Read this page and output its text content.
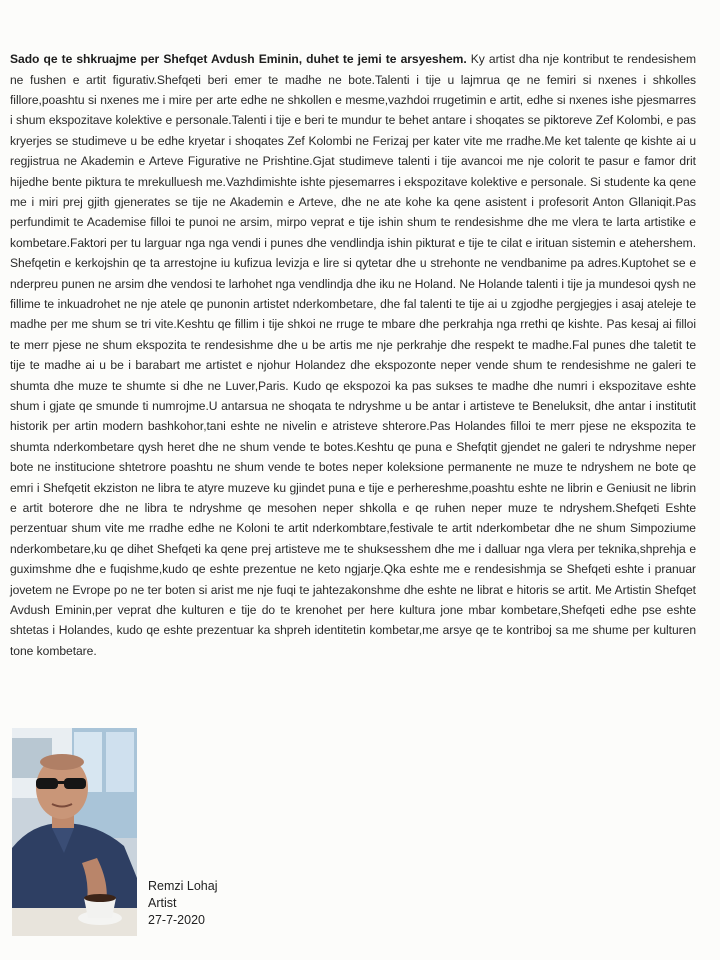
Sado qe te shkruajme per Shefqet Avdush Eminin, duhet te jemi te arsyeshem. Ky artist dha nje kontribut te rendesishem ne fushen e artit figurativ.Shefqeti beri emer te madhe ne bote.Talenti i tije u lajmrua qe ne femiri si nxenes i shkolles fillore,poashtu si nxenes me i mire per arte edhe ne shkollen e mesme,vazhdoi rrugetimin e artit, edhe si nxenes ishe pjesmarres i shum ekspozitave kolektive e personale.Talenti i tije e beri te mundur te behet antare i shoqates se piktoreve Zef Kolombi, e pas kryerjes se studimeve u be edhe kryetar i shoqates Zef Kolombi ne Ferizaj per kater vite me rradhe.Me ket talente qe kishte ai u regjistrua ne Akademin e Arteve Figurative ne Prishtine.Gjat studimeve talenti i tije avancoi me nje colorit te pasur e famor drit hijedhe bente piktura te mrekulluesh me.Vazhdimishte ishte pjesemarres i ekspozitave kolektive e personale. Si studente ka qene me i miri prej gjith gjenerates se tije ne Akademin e Arteve, dhe ne ate kohe ka qene asistent i profesorit Anton Gllaniqit.Pas perfundimit te Academise filloi te punoi ne arsim, mirpo veprat e tije ishin shum te rendesishme dhe me vlera te larta artistike e kombetare.Faktori per tu larguar nga nga vendi i punes dhe vendlindja ishin pikturat e tije te cilat e irituan sistemin e atehershem. Shefqetin e kerkojshin qe ta arrestojne iu kufizua levizja e lire si qytetar dhe u strehonte ne vendbanime pa adres.Kuptohet se e nderpreu punen ne arsim dhe vendosi te larhohet nga vendlindja dhe iku ne Holand. Ne Holande talenti i tije ja mundesoi qysh ne fillime te inkuadrohet ne nje atele qe punonin artistet nderkombetare, dhe fal talenti te tije ai u zgjodhe pergjegjes i asaj ateleje te madhe per me shum se tri vite.Keshtu qe fillim i tije shkoi ne rruge te mbare dhe perkrahja nga rrethi qe kishte. Pas kesaj ai filloi te merr pjese ne shum ekspozita te rendesishme dhe u be artis me nje perkrahje dhe respekt te madhe.Fal punes dhe taletit te tije te madhe ai u be i barabart me artistet e njohur Holandez dhe ekspozonte neper vende shum te rendesishme ne galeri te shumta dhe muze te shumte si dhe ne Luver,Paris. Kudo qe ekspozoi ka pas sukses te madhe dhe numri i ekspozitave eshte shum i gjate qe smunde ti numrojme.U antarsua ne shoqata te ndryshme u be antar i artisteve te Beneluksit, dhe antar i institutit historik per artin modern bashkohor,tani eshte ne nivelin e atristeve shterore.Pas Holandes filloi te merr pjese ne ekspozita te shumta nderkombetare qysh heret dhe ne shum vende te botes.Keshtu qe puna e Shefqtit gjendet ne galeri te ndryshme neper bote ne institucione shtetrore poashtu ne shum vende te botes neper koleksione permanente ne muze te ndryshem ne bote qe emri i Shefqetit ekziston ne libra te atyre muzeve ku gjindet puna e tije e perhereshme,poashtu eshte ne librin e Geniusit ne librin e artit boterore dhe ne libra te ndryshme qe mesohen neper shkolla e qe ruhen neper muze te ndryshem.Shefqeti Eshte perzentuar shum vite me rradhe edhe ne Koloni te artit nderkombtare,festivale te artit nderkombetar dhe ne shum Simpoziume nderkombetare,ku qe dihet Shefqeti ka qene prej artisteve me te shuksesshem dhe me i dalluar nga vlera per teknika,shprehja e guximshme dhe e fuqishme,kudo qe eshte prezentue ne keto ngjarje.Qka eshte me e rendesishmja se Shefqeti eshte i pranuar jovetem ne Evrope po ne ter boten si arist me nje fuqi te jahtezakonshme dhe eshte ne librat e hitoris se artit. Me Artistin Shefqet Avdush Eminin,per veprat dhe kulturen e tije do te krenohet per here kultura jone mbar kombetare,Shefqeti edhe pse eshte shtetas i Holandes, kudo qe eshte prezentuar ka shpreh identitetin kombetar,me arsye qe te kontriboj sa me shume per kulturen tone kombetare.

Remzi Lohaj
Artist
27-7-2020
